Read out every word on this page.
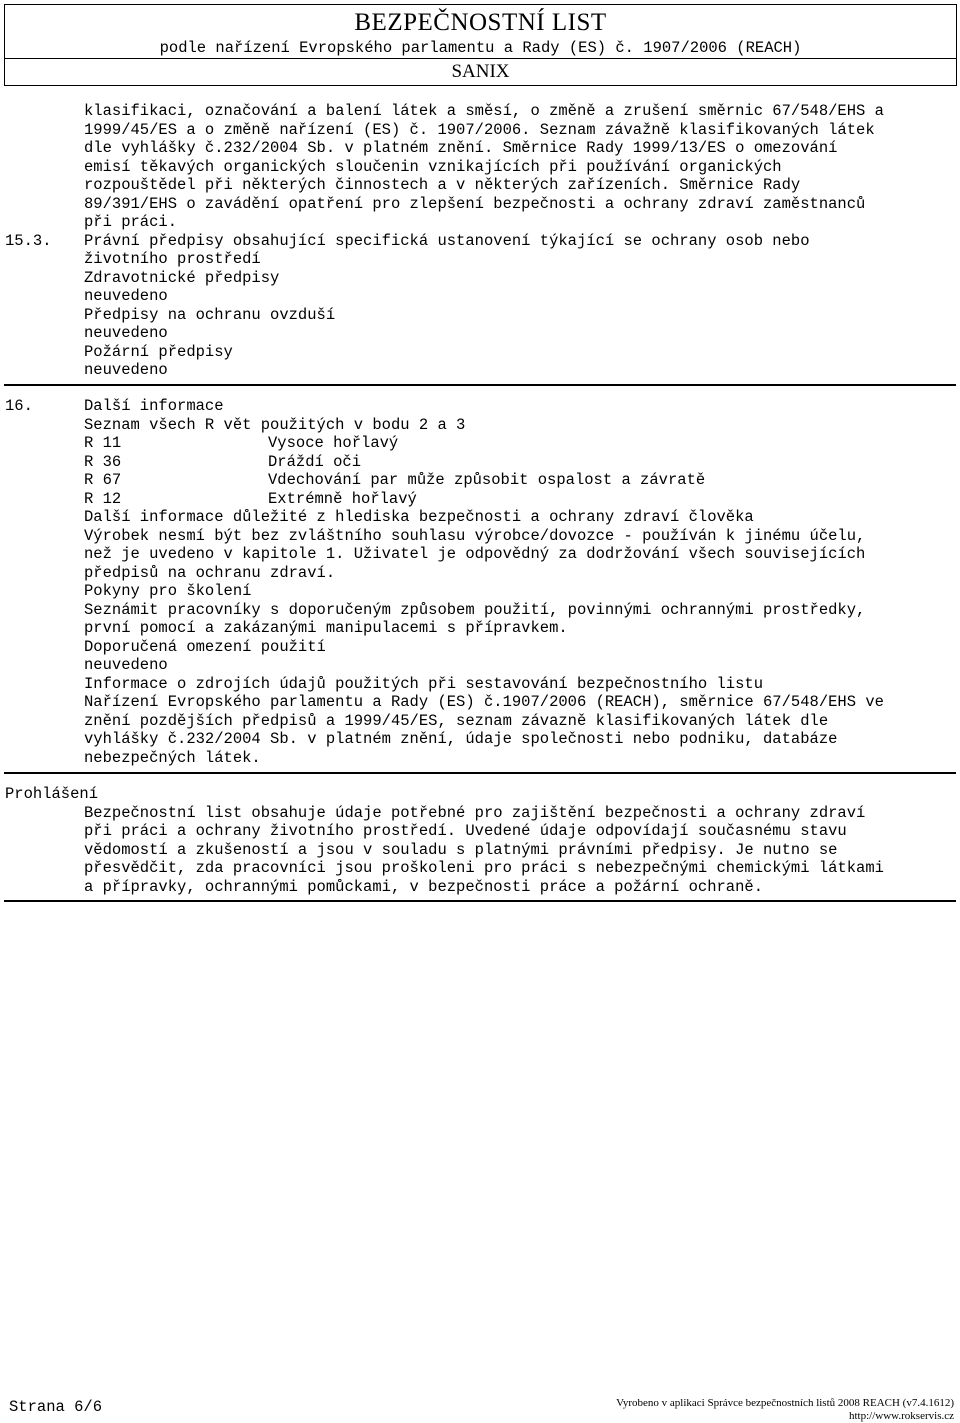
BEZPEČNOSTNÍ LIST
podle nařízení Evropského parlamentu a Rady (ES) č. 1907/2006 (REACH)
SANIX
klasifikaci, označování a balení látek a směsí, o změně a zrušení směrnic 67/548/EHS a
1999/45/ES a o změně nařízení (ES) č. 1907/2006. Seznam závažně klasifikovaných látek
dle vyhlášky č.232/2004 Sb. v platném znění. Směrnice Rady 1999/13/ES o omezování
emisí těkavých organických sloučenin vznikajících při používání organických
rozpouštědel při některých činnostech a v některých zařízeních. Směrnice Rady
89/391/EHS o zavádění opatření pro zlepšení bezpečnosti a ochrany zdraví zaměstnanců
při práci.
15.3. Právní předpisy obsahující specifická ustanovení týkající se ochrany osob nebo
životního prostředí
Zdravotnické předpisy
neuvedeno
Předpisy na ochranu ovzduší
neuvedeno
Požární předpisy
neuvedeno
16.	Další informace
Seznam všech R vět použitých v bodu 2 a 3
R 11	Vysoce hořlavý
R 36	Dráždí oči
R 67	Vdechování par může způsobit ospalost a závratě
R 12	Extrémně hořlavý
Další informace důležité z hlediska bezpečnosti a ochrany zdraví člověka
Výrobek nesmí být bez zvláštního souhlasu výrobce/dovozce - používán k jinému účelu,
než je uvedeno v kapitole 1. Uživatel je odpovědný za dodržování všech souvisejících
předpisů na ochranu zdraví.
Pokyny pro školení
Seznámit pracovníky s doporučeným způsobem použití, povinnými ochrannými prostředky,
první pomocí a zakázanými manipulacemi s přípravkem.
Doporučená omezení použití
neuvedeno
Informace o zdrojích údajů použitých při sestavování bezpečnostního listu
Nařízení Evropského parlamentu a Rady (ES) č.1907/2006 (REACH), směrnice 67/548/EHS ve
znění pozdějších předpisů a 1999/45/ES, seznam závazně klasifikovaných látek dle
vyhlášky č.232/2004 Sb. v platném znění, údaje společnosti nebo podniku, databáze
nebezpečných látek.
Prohlášení
Bezpečnostní list obsahuje údaje potřebné pro zajištění bezpečnosti a ochrany zdraví
při práci a ochrany životního prostředí. Uvedené údaje odpovídají současnému stavu
vědomostí a zkušeností a jsou v souladu s platnými právními předpisy. Je nutno se
přesvědčit, zda pracovníci jsou proškoleni pro práci s nebezpečnými chemickými látkami
a přípravky, ochrannými pomůckami, v bezpečnosti práce a požární ochraně.
Strana 6/6	Vyrobeno v aplikaci Správce bezpečnostních listů 2008 REACH (v7.4.1612)
http://www.rokservis.cz
